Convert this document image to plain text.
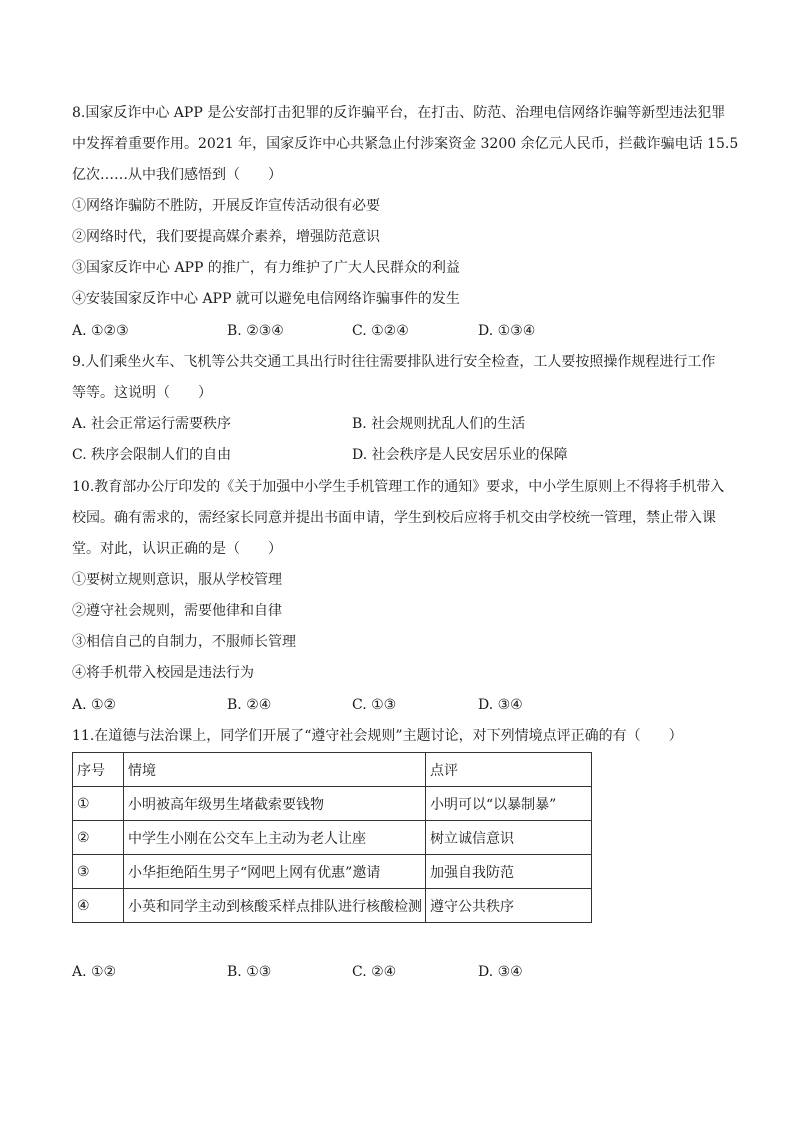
8.国家反诈中心 APP 是公安部打击犯罪的反诈骗平台，在打击、防范、治理电信网络诈骗等新型违法犯罪
中发挥着重要作用。2021 年，国家反诈中心共紧急止付涉案资金 3200 余亿元人民币，拦截诈骗电话 15.5
亿次……从中我们感悟到（　　）
①网络诈骗防不胜防，开展反诈宣传活动很有必要
②网络时代，我们要提高媒介素养，增强防范意识
③国家反诈中心 APP 的推广，有力维护了广大人民群众的利益
④安装国家反诈中心 APP 就可以避免电信网络诈骗事件的发生
A. ①②③	B. ②③④	C. ①②④	D. ①③④
9.人们乘坐火车、飞机等公共交通工具出行时往往需要排队进行安全检查，工人要按照操作规程进行工作
等等。这说明（　　）
A. 社会正常运行需要秩序	B. 社会规则扰乱人们的生活
C. 秩序会限制人们的自由	D. 社会秩序是人民安居乐业的保障
10.教育部办公厅印发的《关于加强中小学生手机管理工作的通知》要求，中小学生原则上不得将手机带入
校园。确有需求的，需经家长同意并提出书面申请，学生到校后应将手机交由学校统一管理，禁止带入课
堂。对此，认识正确的是（　　）
①要树立规则意识，服从学校管理
②遵守社会规则，需要他律和自律
③相信自己的自制力，不服师长管理
④将手机带入校园是违法行为
A. ①②	B. ②④	C. ①③	D. ③④
11.在道德与法治课上，同学们开展了“遵守社会规则”主题讨论，对下列情境点评正确的有（　　）
序号	情境	点评
①	小明被高年级男生堵截索要钱物	小明可以“以暴制暴”
②	中学生小刚在公交车上主动为老人让座	树立诚信意识
③	小华拒绝陌生男子“网吧上网有优惠”邀请	加强自我防范
④	小英和同学主动到核酸采样点排队进行核酸检测	遵守公共秩序
A. ①②	B. ①③	C. ②④	D. ③④
